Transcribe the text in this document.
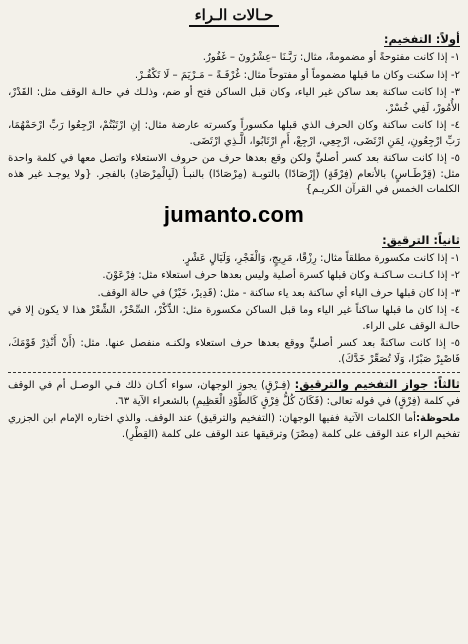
حـالات الـراء
أولاً: التفخيم:

١- إذا كانت مفتوحةً أو مضمومةً، مثال: رَبَّـنَا –عِشْرُونَ – غَفُورٌ.

٢- إذا سكنت وكان ما قبلها مضموماً أو مفتوحاً مثال: غُرْفَـةً – مَـرْيَمَ – لَا تَكْفُـرْ.

٣- إذا كانت ساكنة بعد ساكن غير الياء، وكان قبل الساكن فتح أو ضم، وذلـك في حالـة الوقف مثل: القَدْرْ، الأُمُورْ، لَفِي خُسْرْ.

٤- إذا كانت ساكنة وكان الحرف الذي قبلها مكسوراً وكسرته عارضة مثال: إنِ ارْتَبْتُمْ، ارْجِعُوا رَبِّ ارْحَمْهُمَا، رَبِّ ارْجِعُونِ، لِمَنِ ارْتَضَى، ارْجِعِي، ارْجِعْ، أَمِ ارْتَابُوا، الَّـذِي ارْتَضَى.

٥- إذا كانت ساكنة بعد كسر أصليٍّ ولكن وقع بعدها حرف من حروف الاستعلاء واتصل معها في كلمة واحدة مثل: (قِرْطَـاسٍ) بالأنعام (فِرْقَةٍ) (إِرْصَادًا) بالتوبـة (مِرْصَادًا) بالنبـأ (لَبِالْمِرْصَادِ) بالفجر. {ولا يوجـد غير هذه الكلمات الخمس في القرآن الكريـم}

jumanto.com
ثانياً: الترقيق:

١- إذا كانت مكسورة مطلقاً مثال: رِزْقًا، مَرِيجٍ، وَالْفَجْرِ، وَلَيَالٍ عَشْرٍ.

٢- إذا كـانـت سـاكنـة وكان قبلها كسرة أصلية وليس بعدها حرف استعلاء مثل: فِرْعَوْنَ.

٣- إذا كان قبلها حرف الياء أي ساكنة بعد ياء ساكنة - مثل: (قَدِيرْ، خَيْرْ) في حالة الوقف.

٤- إذا كان ما قبلها ساكناً غير الياء وما قبل الساكن مكسورة مثل: الذِّكْرْ، السِّحْرْ، الشِّعْرْ هذا لا يكون إلا في حالـة الوقف على الراء.

٥- إذا كانت ساكنةً بعد كسر أصليٍّ ووقع بعدها حرف استعلاء ولكنـه منفصل عنها. مثل: (أَنْ أَنْذِرْ قَوْمَكَ، فَاصْبِرْ صَبْرًا، وَلَا تُصَعِّرْ خَدَّكَ).

ثالثاً: جواز التفخيم والترقيق: (فِـرْقٍ) يجوز الوجهان، سواء أكـان ذلك فـي الوصـل أم في الوقف في كلمة (فِرْقٍ) في قوله تعالى: (فَكَانَ كُلُّ فِرْقٍ كَالطَّوْدِ الْعَظِيمِ) بالشعراء الآية ٦٣.

ملحوظة:أما الكلمات الآتية ففيها الوجهان: (التفخيم والترقيق) عند الوقف. والذي اختاره الإمام ابن الجزري تفخيم الراء عند الوقف على كلمة (مِصْرَ) وترقيقها عند الوقف على كلمة (القِطْرِ).
